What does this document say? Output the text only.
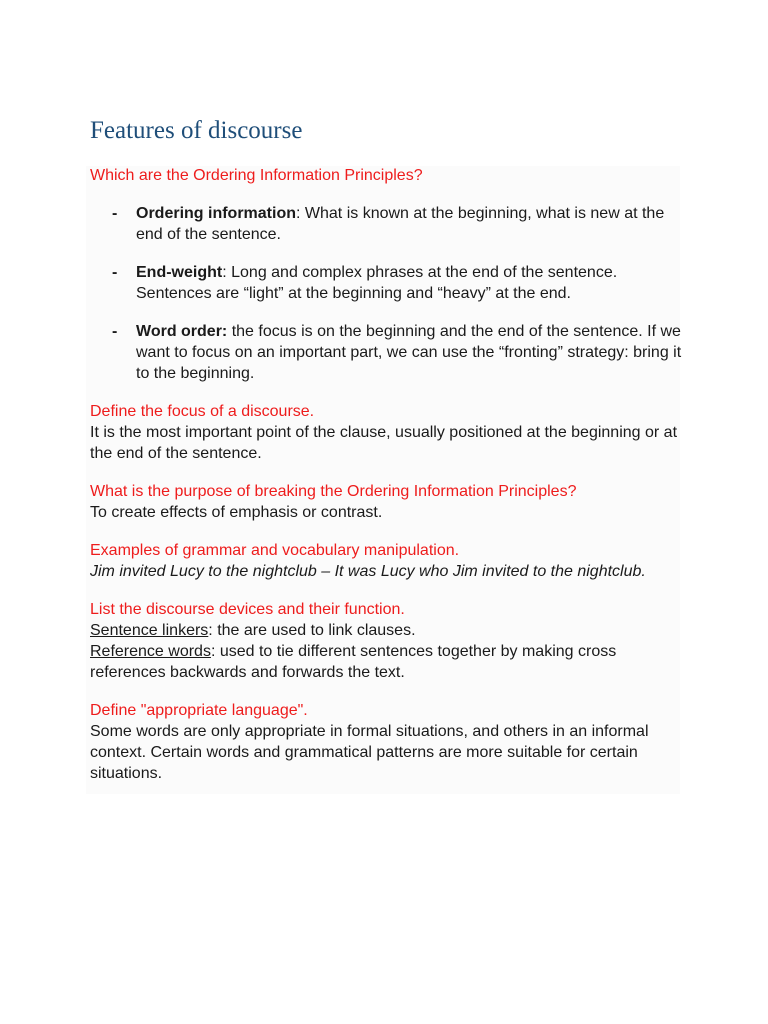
Features of discourse

Which are the Ordering Information Principles?

- Ordering information: What is known at the beginning, what is new at the end of the sentence.
- End-weight: Long and complex phrases at the end of the sentence. Sentences are “light” at the beginning and “heavy” at the end.
- Word order: the focus is on the beginning and the end of the sentence. If we want to focus on an important part, we can use the “fronting” strategy: bring it to the beginning.

Define the focus of a discourse.

It is the most important point of the clause, usually positioned at the beginning or at the end of the sentence.

What is the purpose of breaking the Ordering Information Principles?

To create effects of emphasis or contrast.

Examples of grammar and vocabulary manipulation.

Jim invited Lucy to the nightclub – It was Lucy who Jim invited to the nightclub.

List the discourse devices and their function.

Sentence linkers: the are used to link clauses.

Reference words: used to tie different sentences together by making cross references backwards and forwards the text.

Define "appropriate language".

Some words are only appropriate in formal situations, and others in an informal context. Certain words and grammatical patterns are more suitable for certain situations.
